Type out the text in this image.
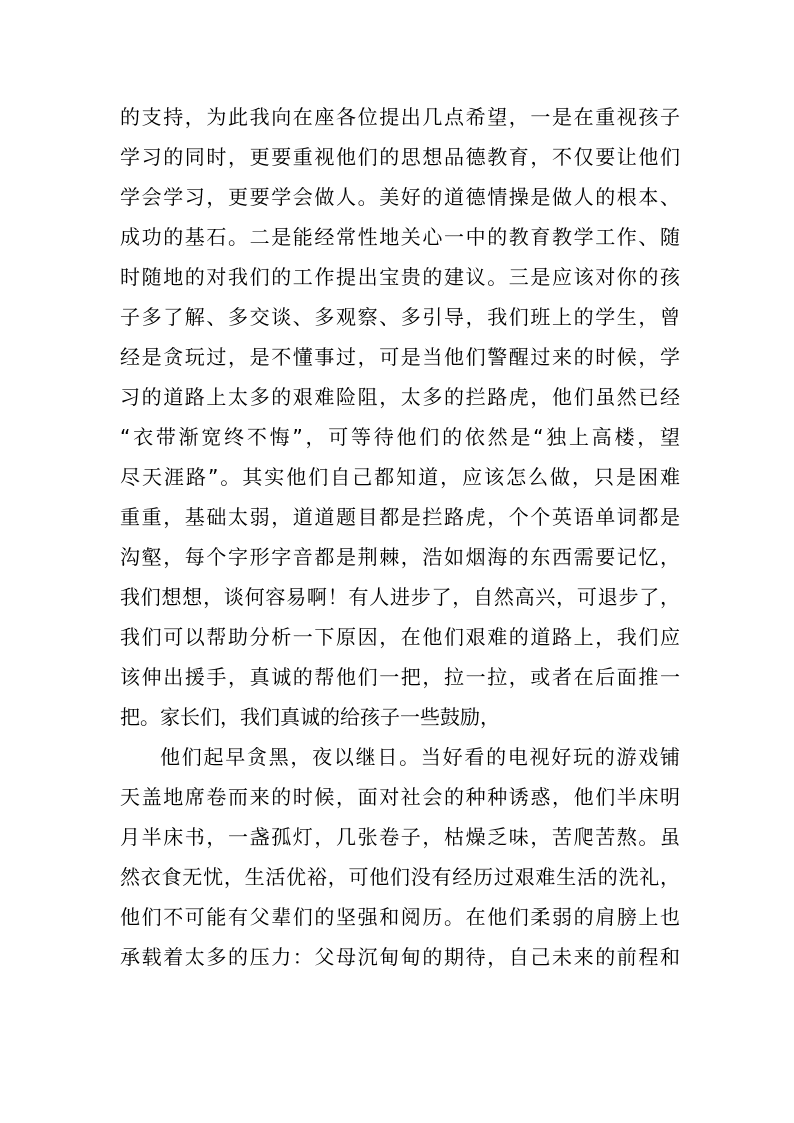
的支持，为此我向在座各位提出几点希望，一是在重视孩子
学习的同时，更要重视他们的思想品德教育，不仅要让他们
学会学习，更要学会做人。美好的道德情操是做人的根本、
成功的基石。二是能经常性地关心一中的教育教学工作、随
时随地的对我们的工作提出宝贵的建议。三是应该对你的孩
子多了解、多交谈、多观察、多引导，我们班上的学生，曾
经是贪玩过，是不懂事过，可是当他们警醒过来的时候，学
习的道路上太多的艰难险阻，太多的拦路虎，他们虽然已经
“衣带渐宽终不悔”，可等待他们的依然是“独上高楼，望
尽天涯路”。其实他们自己都知道，应该怎么做，只是困难
重重，基础太弱，道道题目都是拦路虎，个个英语单词都是
沟壑，每个字形字音都是荆棘，浩如烟海的东西需要记忆，
我们想想，谈何容易啊！有人进步了，自然高兴，可退步了，
我们可以帮助分析一下原因，在他们艰难的道路上，我们应
该伸出援手，真诚的帮他们一把，拉一拉，或者在后面推一
把。家长们，我们真诚的给孩子一些鼓励，
他们起早贪黑，夜以继日。当好看的电视好玩的游戏铺
天盖地席卷而来的时候，面对社会的种种诱惑，他们半床明
月半床书，一盏孤灯，几张卷子，枯燥乏味，苦爬苦熬。虽
然衣食无忧，生活优裕，可他们没有经历过艰难生活的洗礼，
他们不可能有父辈们的坚强和阅历。在他们柔弱的肩膀上也
承载着太多的压力：父母沉甸甸的期待，自己未来的前程和
